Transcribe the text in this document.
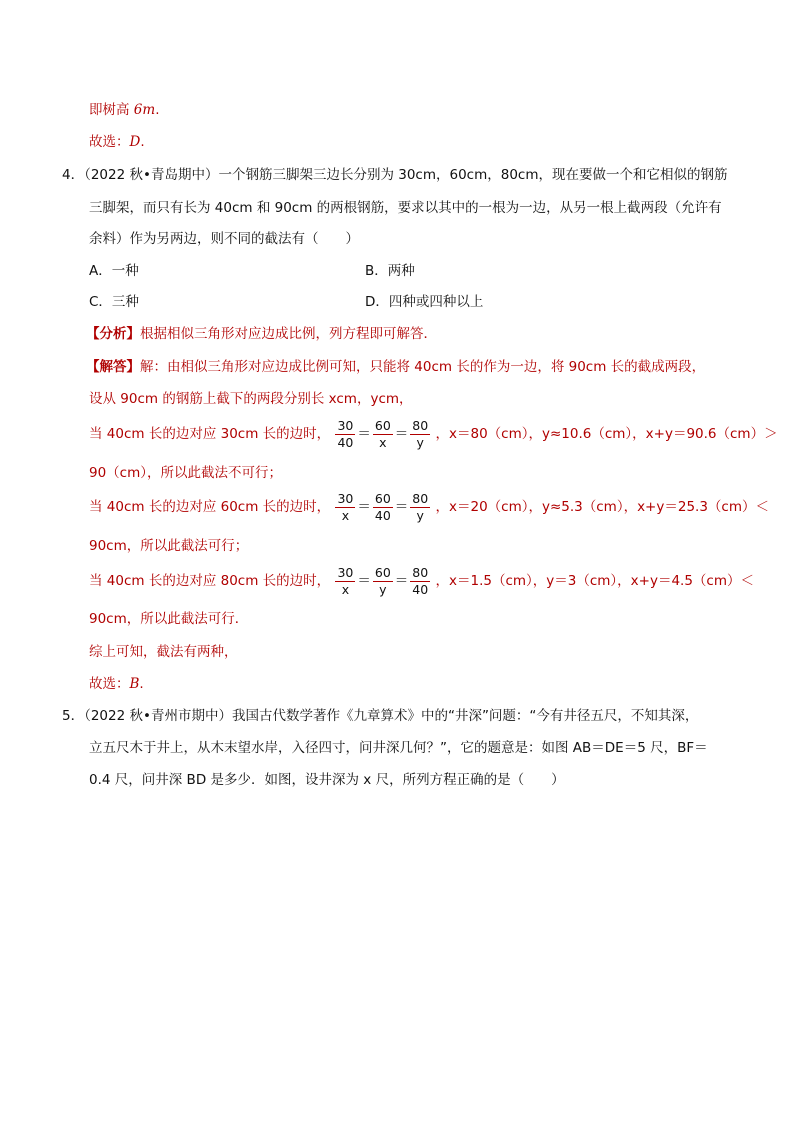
即树高 6m.
故选：D.
4．（2022 秋•青岛期中）一个钢筋三脚架三边长分别为 30cm，60cm，80cm，现在要做一个和它相似的钢筋
三脚架，而只有长为 40cm 和 90cm 的两根钢筋，要求以其中的一根为一边，从另一根上截两段（允许有
余料）作为另两边，则不同的截法有（　　）
A．一种	B．两种
C．三种	D．四种或四种以上
【分析】根据相似三角形对应边成比例，列方程即可解答．
【解答】解：由相似三角形对应边成比例可知，只能将 40cm 长的作为一边，将 90cm 长的截成两段，
设从 90cm 的钢筋上截下的两段分别长 xcm，ycm，
当 40cm 长的边对应 30cm 长的边时， $\frac{30}{40} = \frac{60}{x} = \frac{80}{y}$ ，x＝80（cm），y≈10.6（cm），x+y＝90.6（cm）＞
90（cm），所以此截法不可行；
当 40cm 长的边对应 60cm 长的边时， $\frac{30}{x} = \frac{60}{40} = \frac{80}{y}$ ，x＝20（cm），y≈5.3（cm），x+y＝25.3（cm）＜
90cm，所以此截法可行；
当 40cm 长的边对应 80cm 长的边时， $\frac{30}{x} = \frac{60}{y} = \frac{80}{40}$ ，x＝1.5（cm），y＝3（cm），x+y＝4.5（cm）＜
90cm，所以此截法可行．
综上可知，截法有两种，
故选：B.
5．（2022 秋•青州市期中）我国古代数学著作《九章算术》中的“井深”问题：“今有井径五尺，不知其深，
立五尺木于井上，从木末望水岸，入径四寸，问井深几何？”，它的题意是：如图 AB＝DE＝5 尺，BF＝
0.4 尺，问井深 BD 是多少．如图，设井深为 x 尺，所列方程正确的是（　　）
